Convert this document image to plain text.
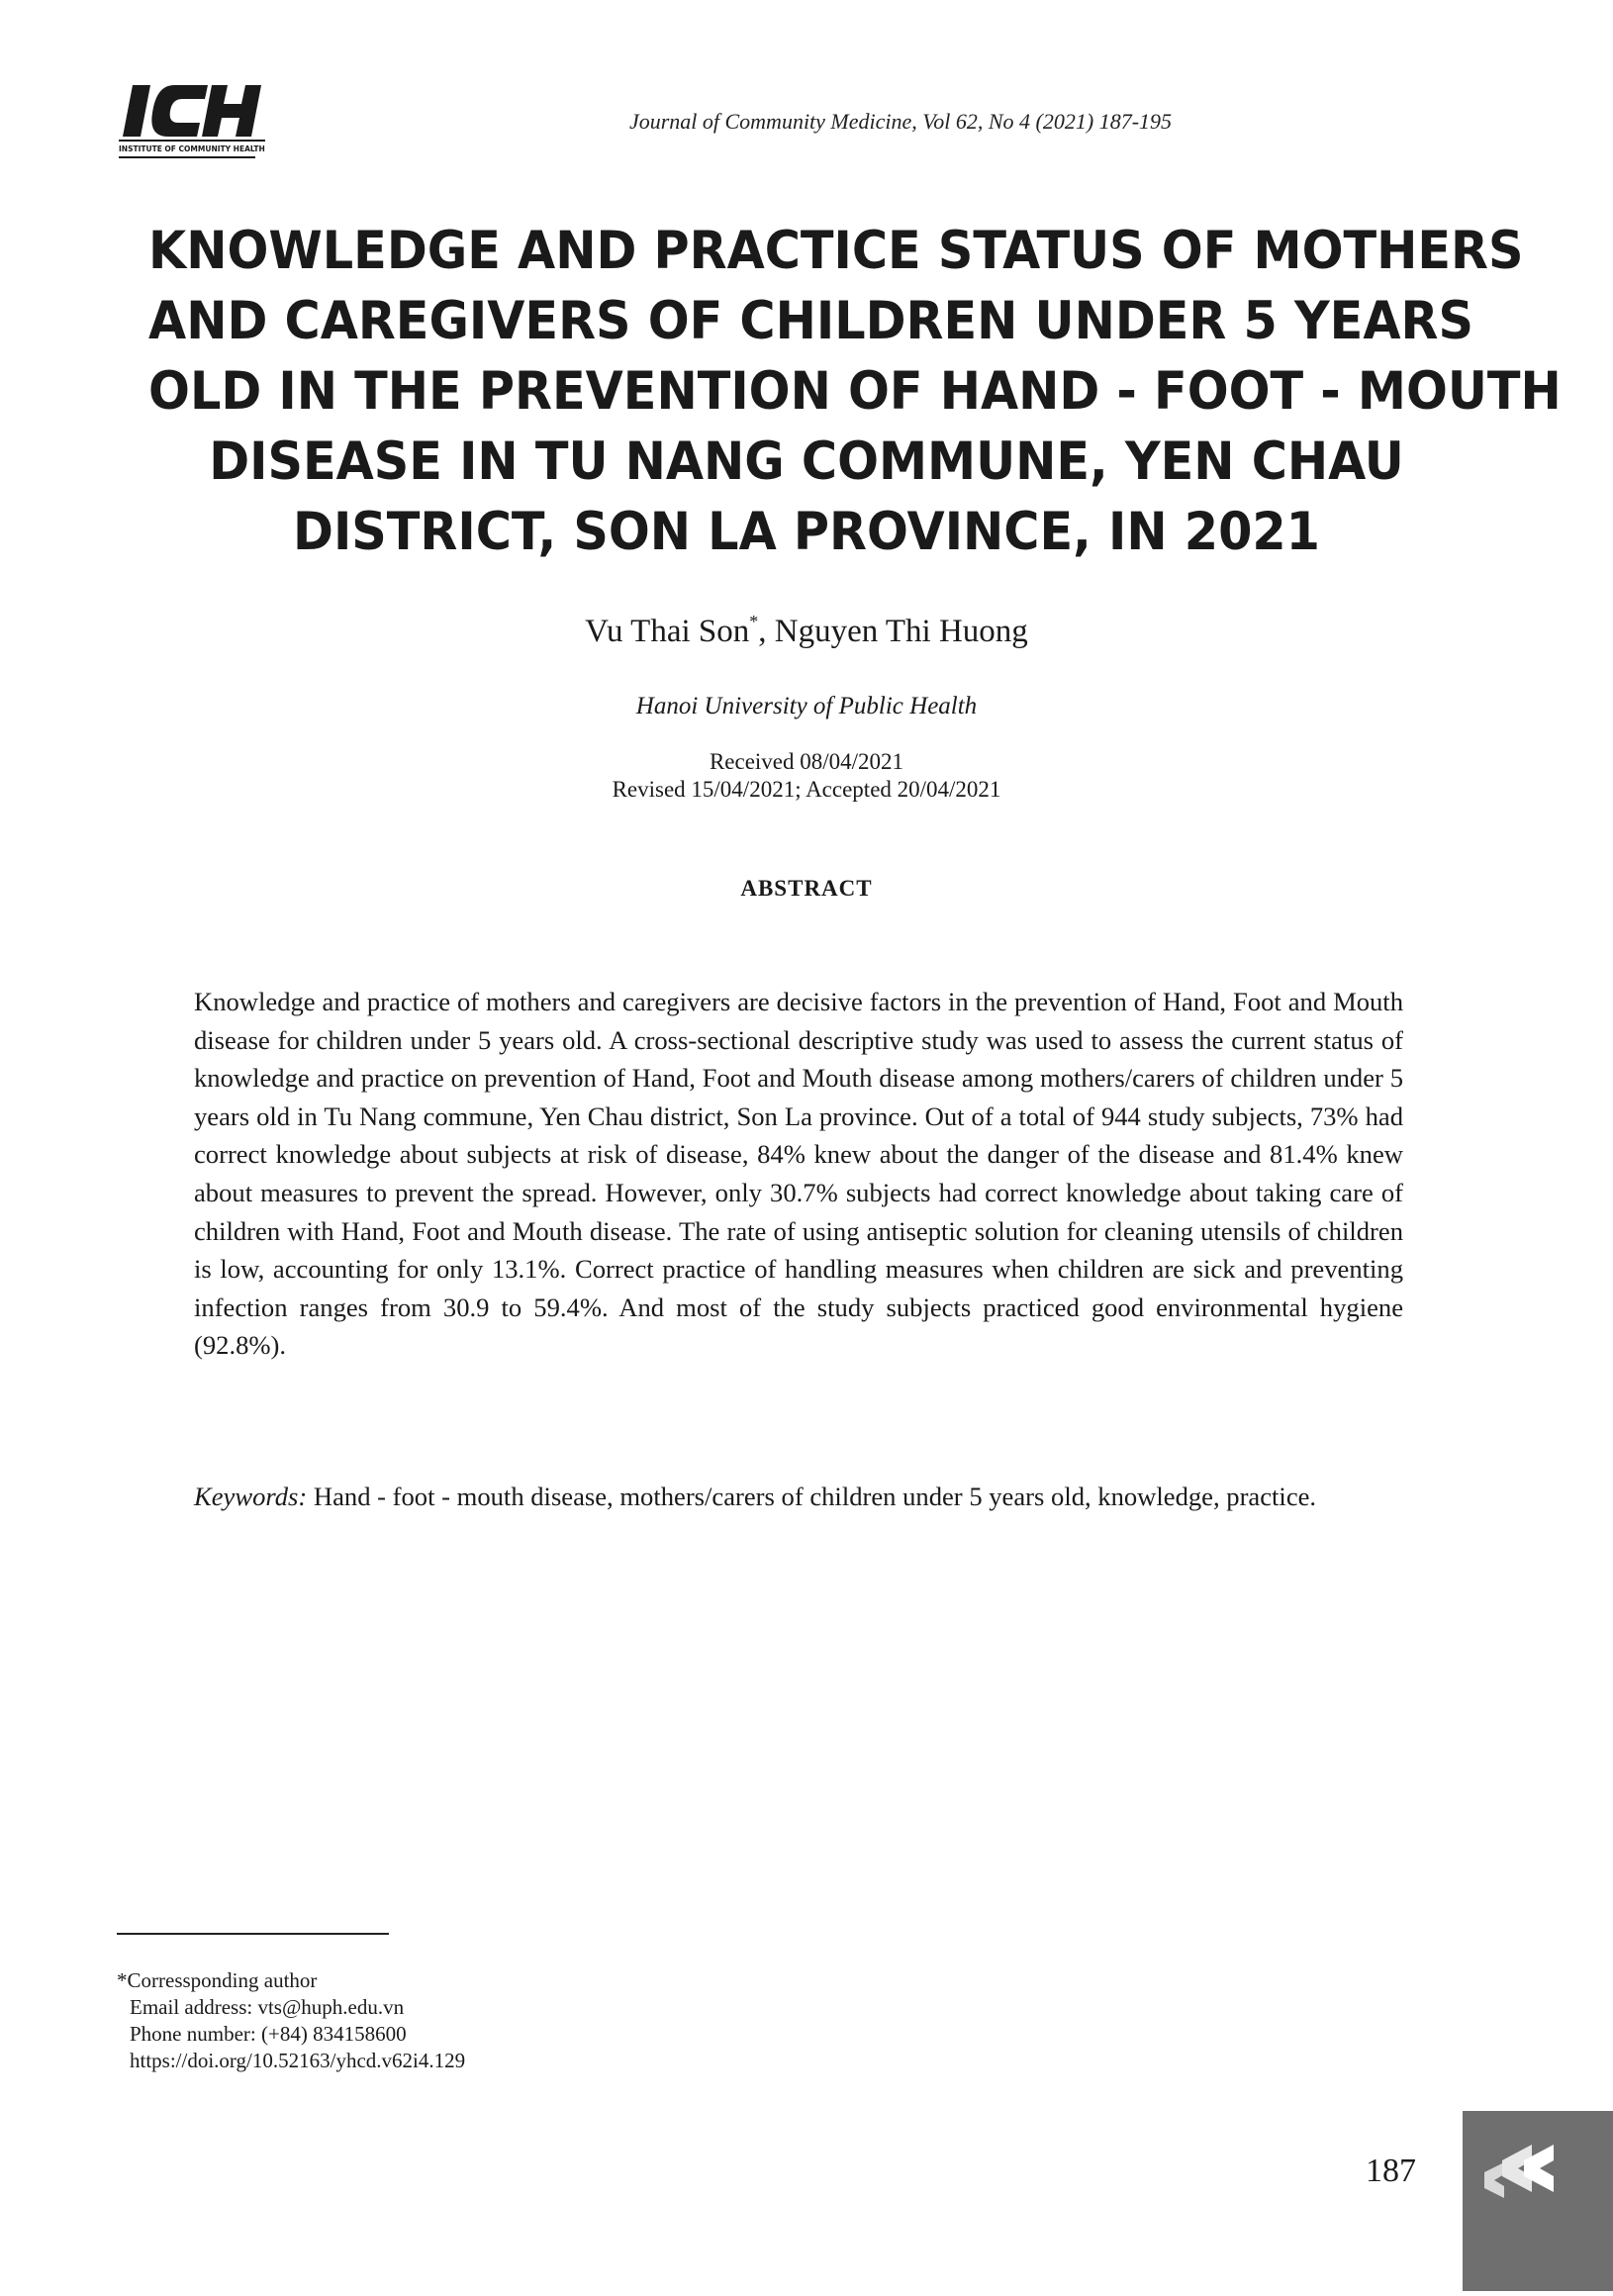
INSTITUTE OF COMMUNITY HEALTH
Journal of Community Medicine, Vol 62, No 4 (2021) 187-195
KNOWLEDGE AND PRACTICE STATUS OF MOTHERS
AND CAREGIVERS OF CHILDREN UNDER 5 YEARS
OLD IN THE PREVENTION OF HAND - FOOT - MOUTH
DISEASE IN TU NANG COMMUNE, YEN CHAU
DISTRICT, SON LA PROVINCE, IN 2021
Vu Thai Son*, Nguyen Thi Huong
Hanoi University of Public Health
Received 08/04/2021
Revised 15/04/2021; Accepted 20/04/2021
ABSTRACT
Knowledge and practice of mothers and caregivers are decisive factors in the prevention of Hand, Foot and Mouth disease for children under 5 years old. A cross-sectional descriptive study was used to assess the current status of knowledge and practice on prevention of Hand, Foot and Mouth disease among mothers/carers of children under 5 years old in Tu Nang commune, Yen Chau district, Son La province. Out of a total of 944 study subjects, 73% had correct knowledge about subjects at risk of disease, 84% knew about the danger of the disease and 81.4% knew about measures to prevent the spread. However, only 30.7% subjects had correct knowledge about taking care of children with Hand, Foot and Mouth disease. The rate of using antiseptic solution for cleaning utensils of children is low, accounting for only 13.1%. Correct practice of handling measures when children are sick and preventing infection ranges from 30.9 to 59.4%. And most of the study subjects practiced good environmental hygiene (92.8%).
Keywords: Hand - foot - mouth disease, mothers/carers of children under 5 years old, knowledge, practice.
*Corressponding author
Email address: vts@huph.edu.vn
Phone number: (+84) 834158600
https://doi.org/10.52163/yhcd.v62i4.129
187
